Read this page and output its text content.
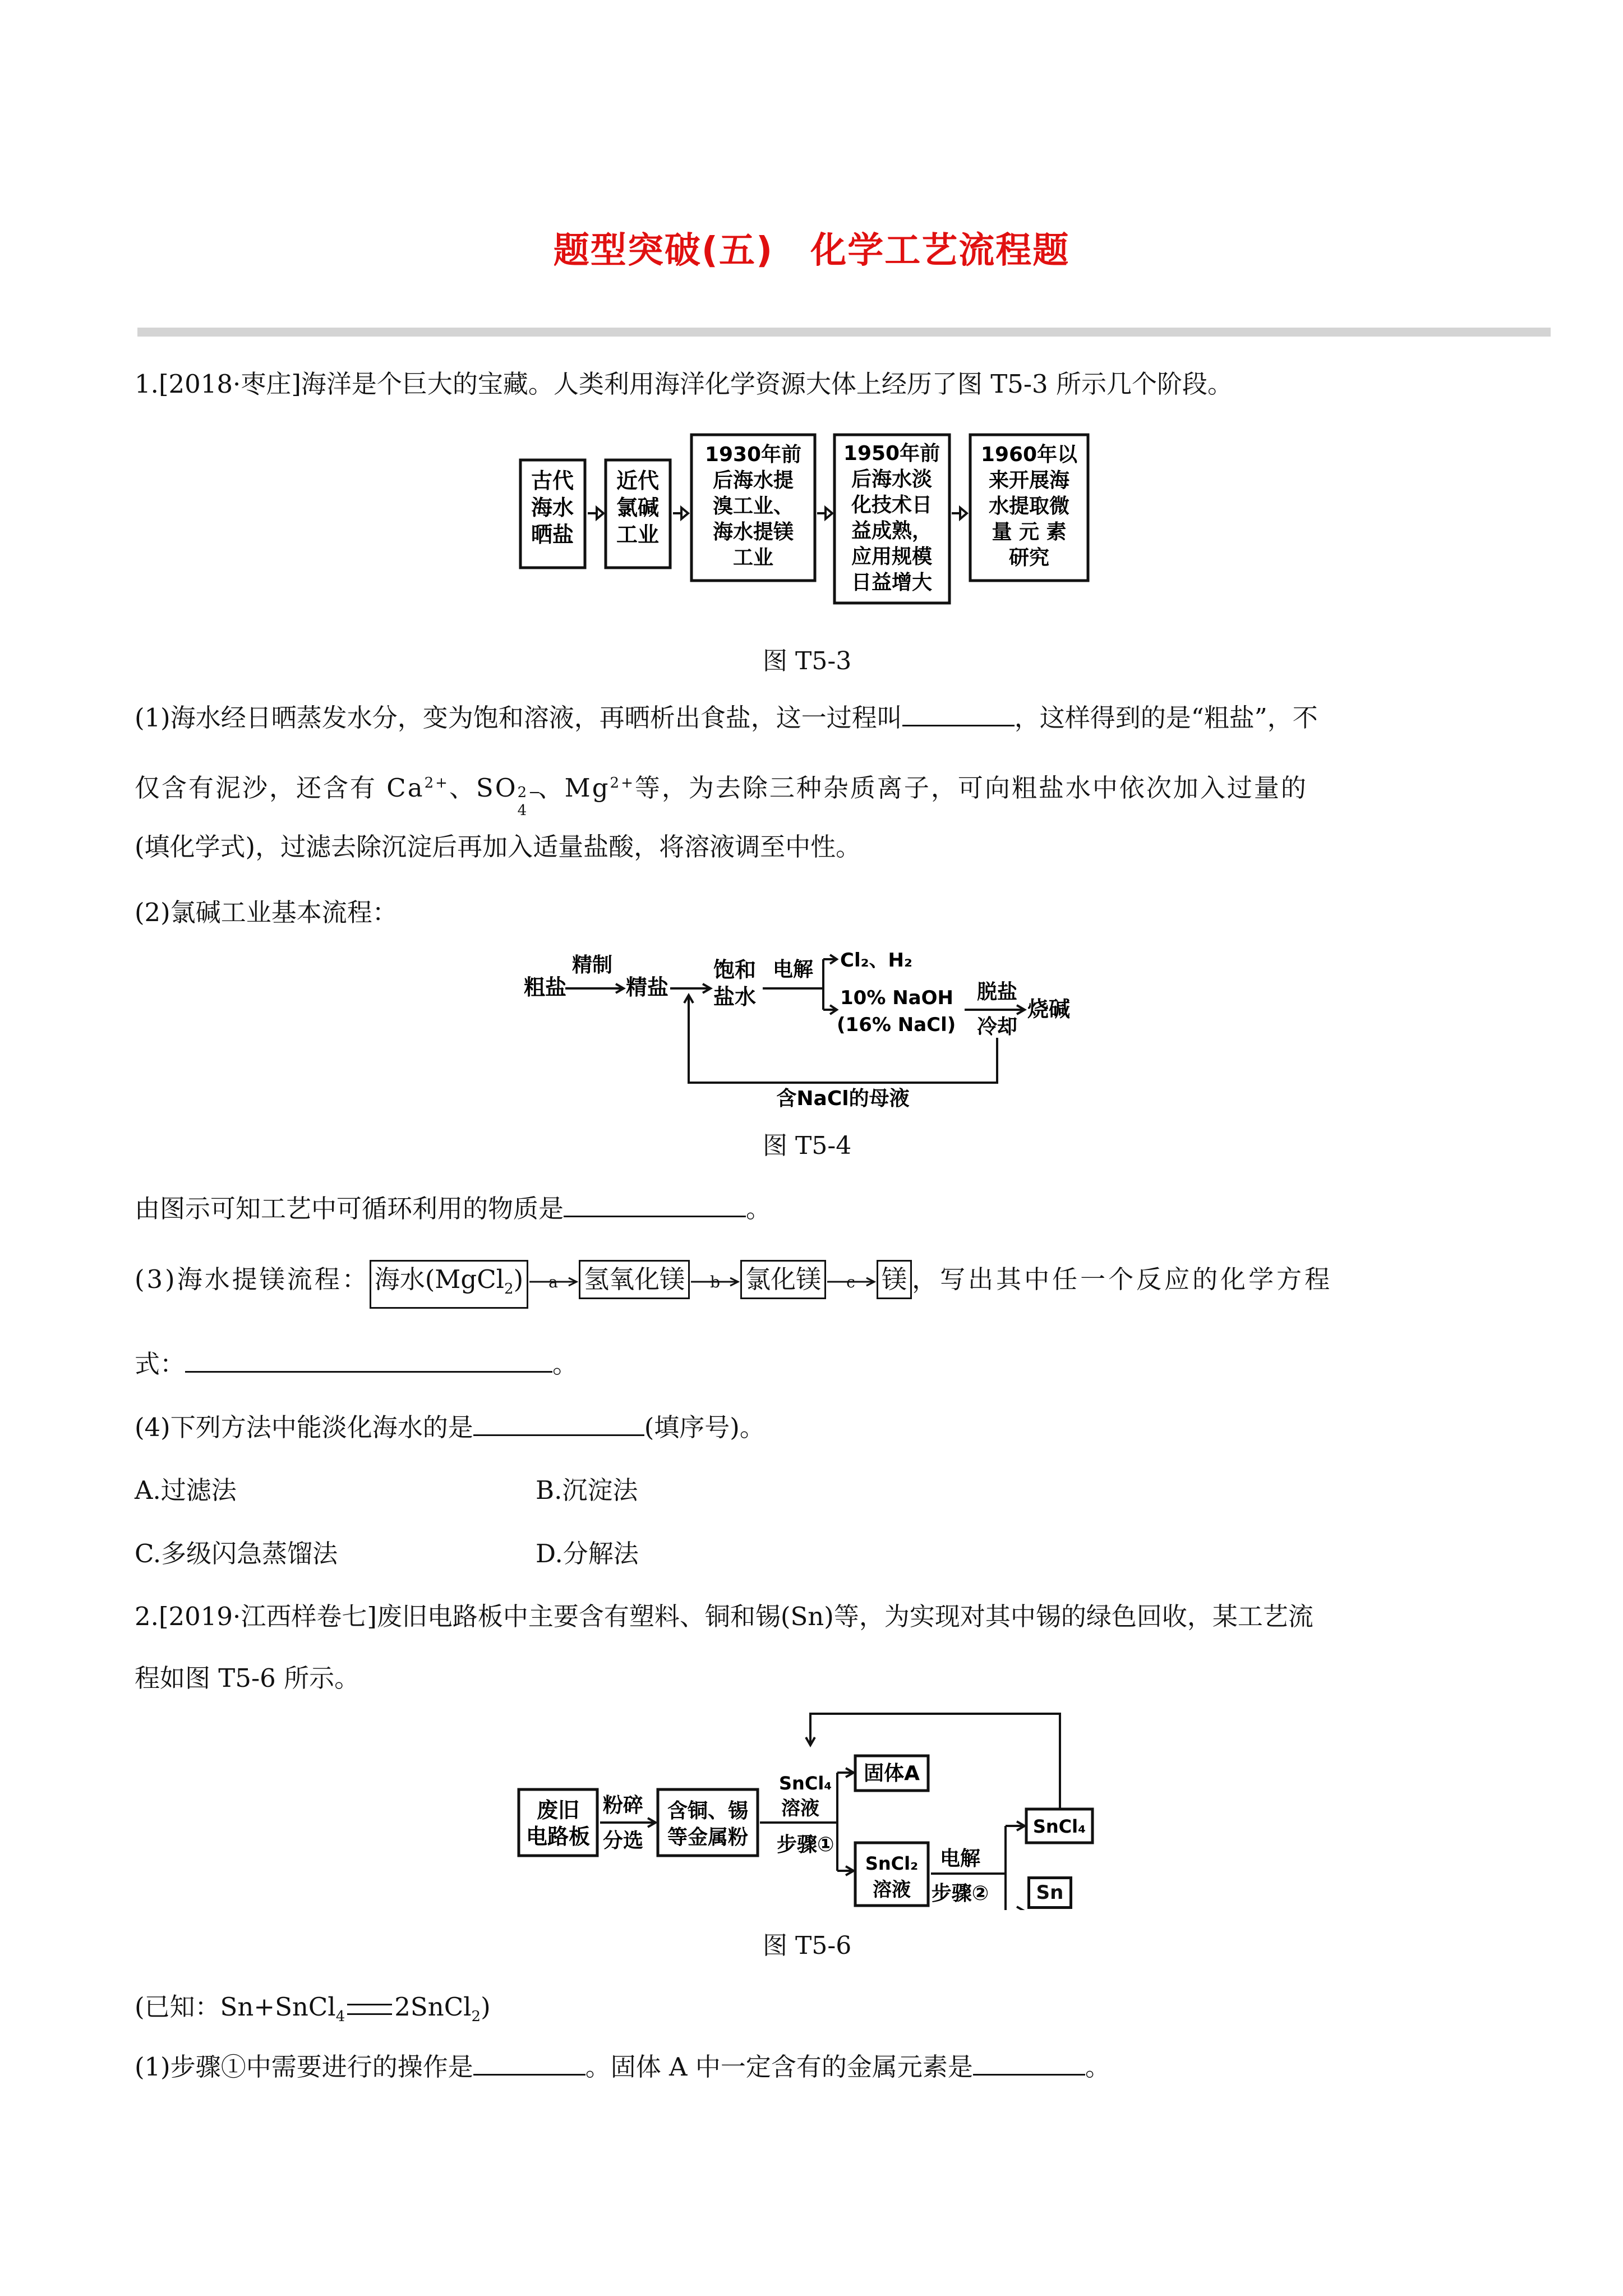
题型突破(五)　化学工艺流程题
1.[2018·枣庄]海洋是个巨大的宝藏。人类利用海洋化学资源大体上经历了图 T5-3 所示几个阶段。
古代
海水
晒盐
近代
氯碱
工业
1930年前
后海水提
溴工业、
海水提镁
工业
1950年前
后海水淡
化技术日
益成熟，
应用规模
日益增大
1960年以
来开展海
水提取微
量 元 素
研究
图 T5-3
(1)海水经日晒蒸发水分，变为饱和溶液，再晒析出食盐，这一过程叫	，这样得到的是“粗盐”，不
仅含有泥沙，还含有 $Ca^{2+}$、SO 2−
4
、$Mg^{2+}$等，为去除三种杂质离子，可向粗盐水中依次加入过量的
(填化学式)，过滤去除沉淀后再加入适量盐酸，将溶液调至中性。
(2)氯碱工业基本流程：
粗盐
精制
精盐
饱和
盐水
电解 Cl₂、H₂
10% NaOH
(16% NaCl)
脱盐
冷却
烧碱
含NaCl的母液
图 T5-4
由图示可知工艺中可循环利用的物质是	。
(3)海水提镁流程： 海水(MgCl$_2$) a 氢氧化镁 b 氯化镁 c 镁 ，写出其中任一个反应的化学方程
式：	。
(4)下列方法中能淡化海水的是	(填序号)。
A.过滤法	B.沉淀法
C.多级闪急蒸馏法	D.分解法
2.[2019·江西样卷七]废旧电路板中主要含有塑料、铜和锡(Sn)等，为实现对其中锡的绿色回收，某工艺流
程如图 T5-6 所示。
废旧
电路板
粉碎
分选
含铜、锡
等金属粉
SnCl₄
溶液
步骤①
固体A
SnCl₂
溶液
电解
步骤②
SnCl₄
Sn
图 T5-6
(已知：Sn+SnCl$_4$ 2SnCl$_2$)
(1)步骤①中需要进行的操作是	。固体 A 中一定含有的金属元素是	。
